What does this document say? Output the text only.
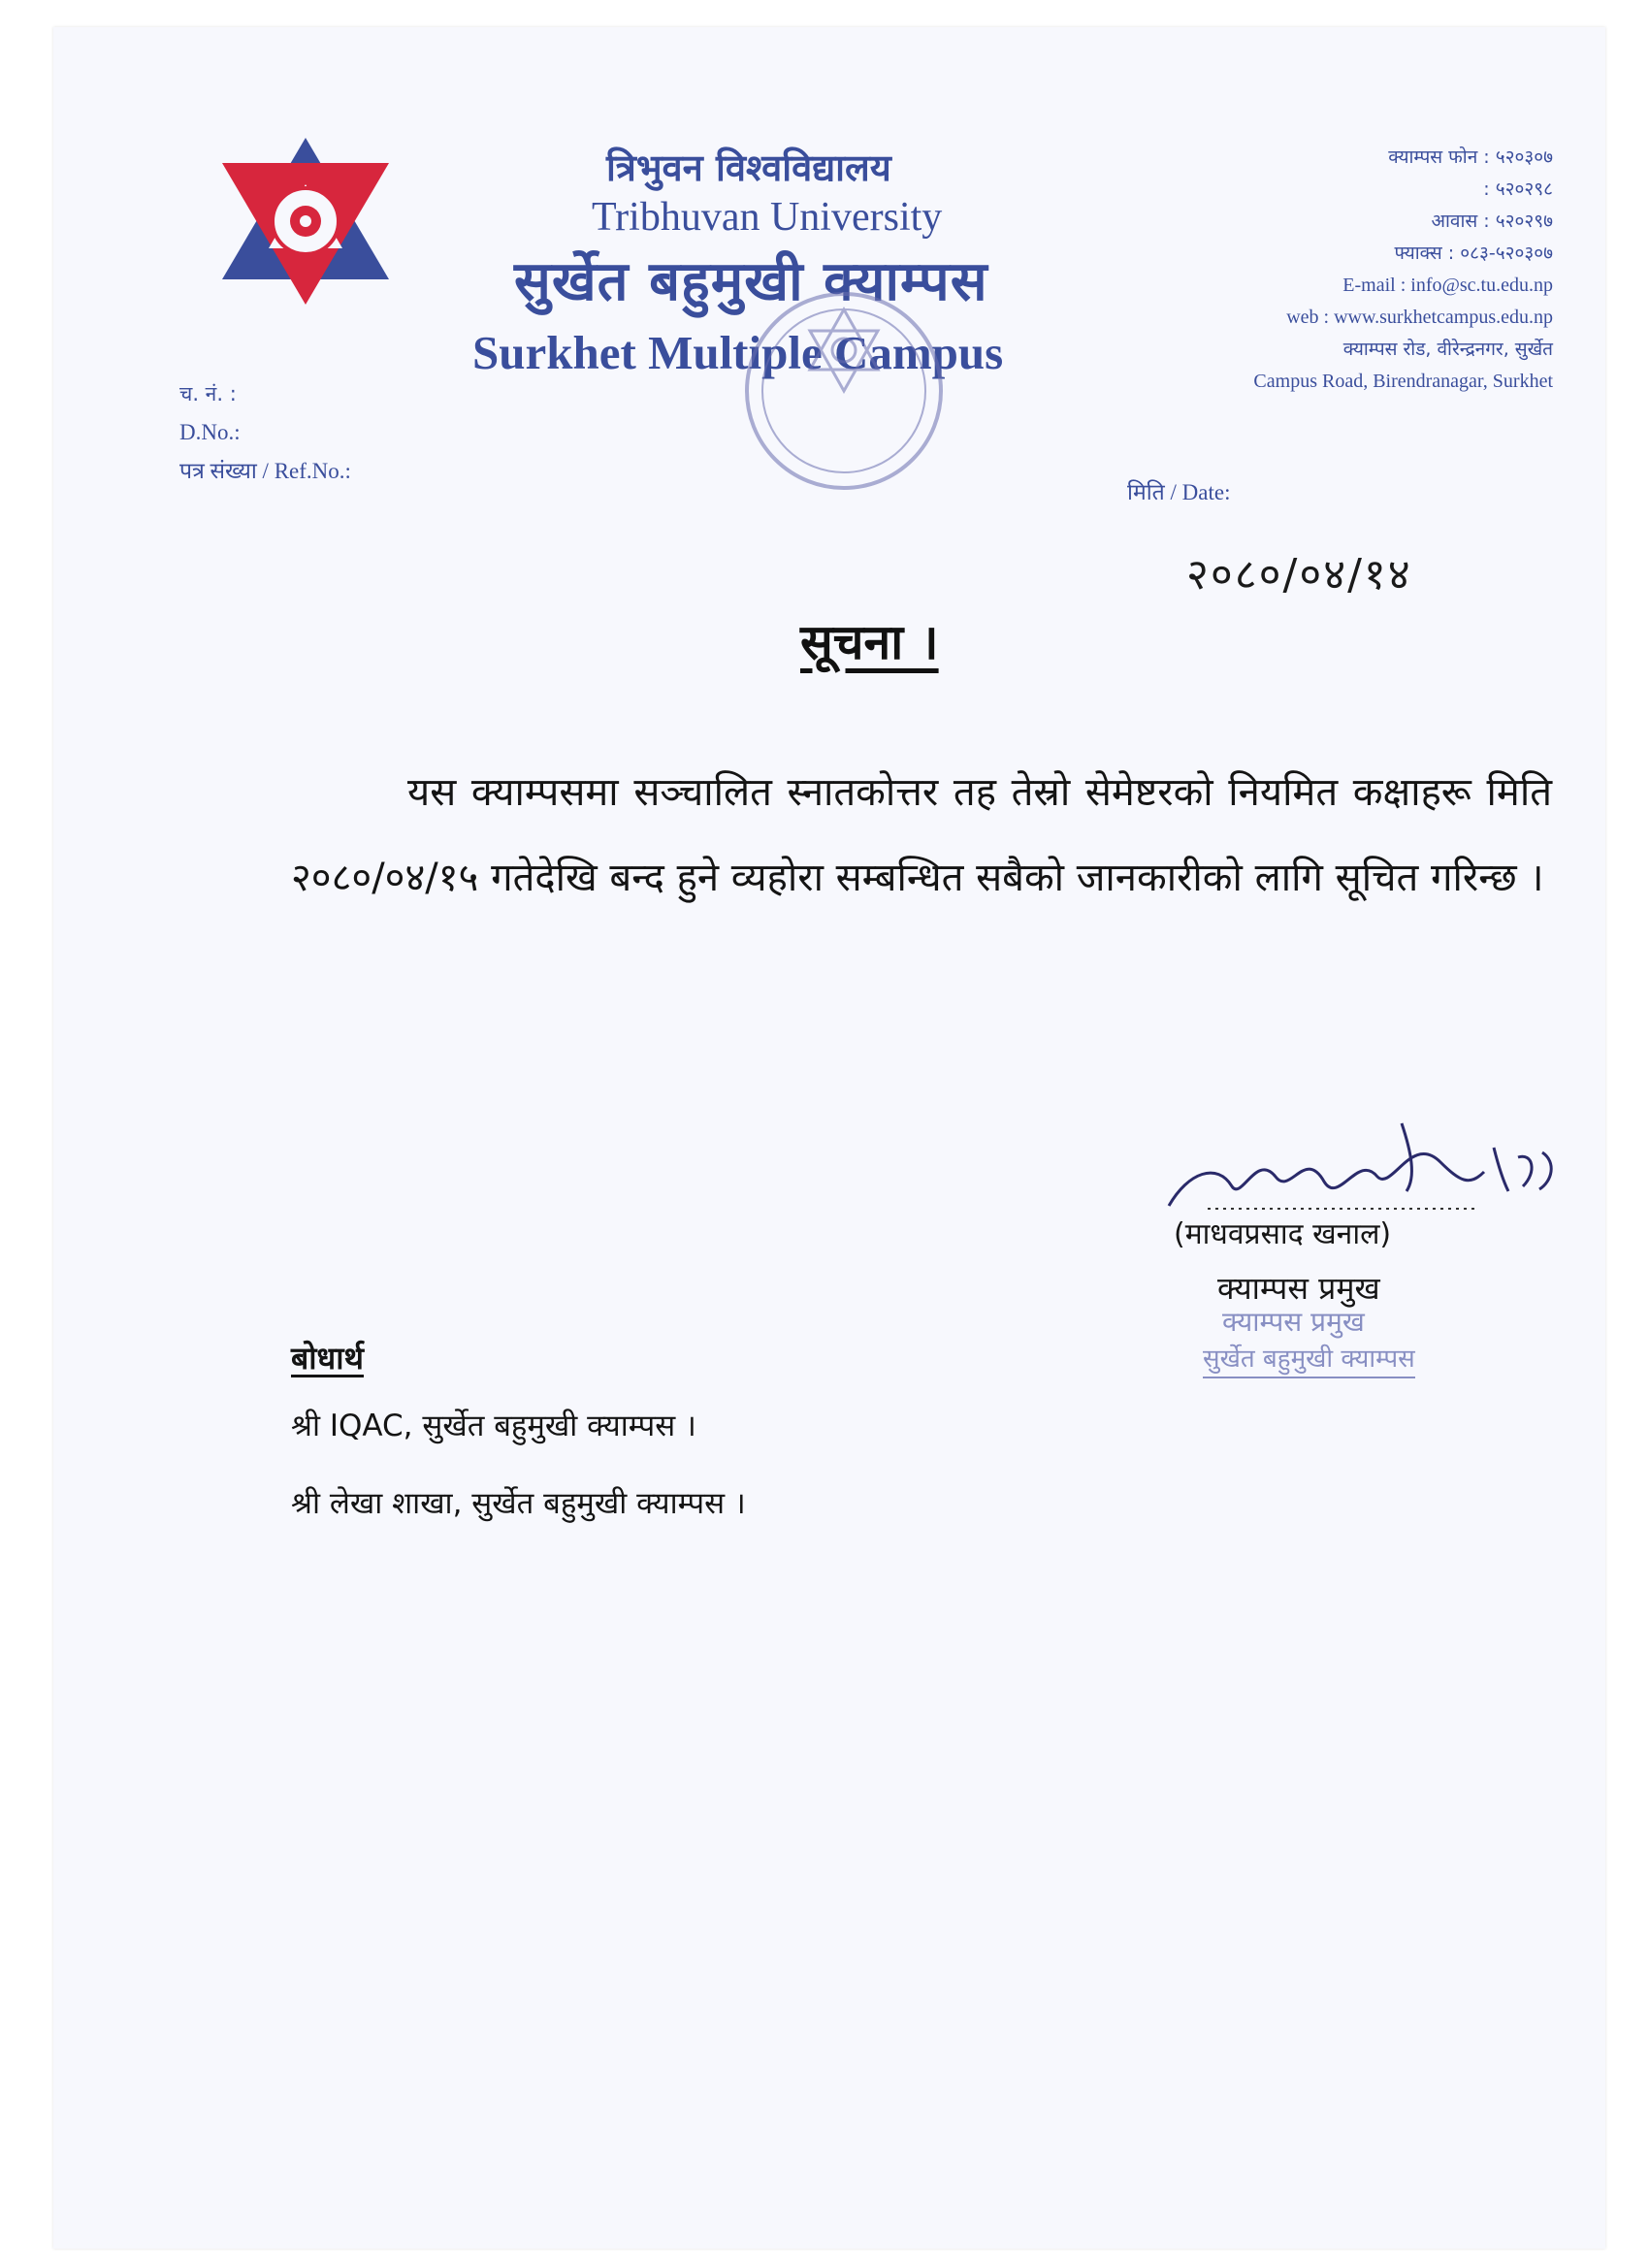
त्रिभुवन विश्वविद्यालय
Tribhuvan University
सुर्खेत बहुमुखी क्याम्पस
Surkhet Multiple Campus
क्याम्पस फोन : ५२०३०७
: ५२०२९८
आवास : ५२०२९७
फ्याक्स : ०८३-५२०३०७
E-mail : info@sc.tu.edu.np
web : www.surkhetcampus.edu.np
क्याम्पस रोड, वीरेन्द्रनगर, सुर्खेत
Campus Road, Birendranagar, Surkhet
च. नं. :
D.No.:
पत्र संख्या / Ref.No.:
मिति / Date:
२०८०/०४/१४
सूचना ।
यस क्याम्पसमा सञ्चालित स्नातकोत्तर तह तेस्रो सेमेष्टरको नियमित कक्षाहरू मिति २०८०/०४/१५ गतेदेखि बन्द हुने व्यहोरा सम्बन्धित सबैको जानकारीको लागि सूचित गरिन्छ ।
(माधवप्रसाद खनाल)
क्याम्पस प्रमुख
क्याम्पस प्रमुख
सुर्खेत बहुमुखी क्याम्पस
बोधार्थ
श्री IQAC, सुर्खेत बहुमुखी क्याम्पस ।
श्री लेखा शाखा, सुर्खेत बहुमुखी क्याम्पस ।
